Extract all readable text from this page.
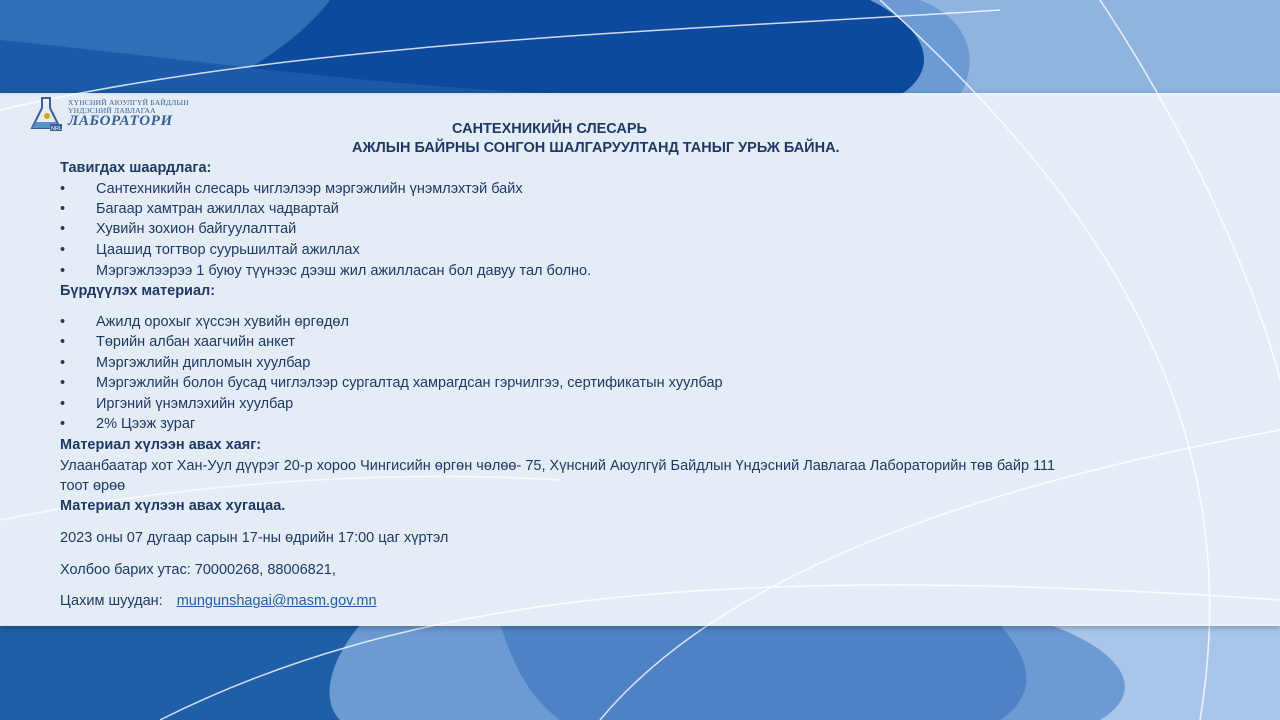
NRL
ХҮНСНИЙ АЮУЛГҮЙ БАЙДЛЫН
ҮНДЭСНИЙ ЛАВЛАГАА
ЛАБОРАТОРИ	САНТЕХНИКИЙН СЛЕСАРЬ
АЖЛЫН БАЙРНЫ СОНГОН ШАЛГАРУУЛТАНД ТАНЫГ УРЬЖ БАЙНА.
Тавигдах шаардлага:
• Сантехникийн слесарь чиглэлээр мэргэжлийн үнэмлэхтэй байх
• Багаар хамтран ажиллах чадвартай
• Хувийн зохион байгуулалттай
• Цаашид тогтвор суурьшилтай ажиллах
• Мэргэжлээрээ 1 буюу түүнээс дээш жил ажилласан бол давуу тал болно.
Бүрдүүлэх материал:
• Ажилд орохыг хүссэн хувийн өргөдөл
• Төрийн албан хаагчийн анкет
• Мэргэжлийн дипломын хуулбар
• Мэргэжлийн болон бусад чиглэлээр сургалтад хамрагдсан гэрчилгээ, сертификатын хуулбар
• Иргэний үнэмлэхийн хуулбар
• 2% Цээж зураг
Материал хүлээн авах хаяг:
Улаанбаатар хот Хан-Уул дүүрэг 20-р хороо Чингисийн өргөн чөлөө- 75, Хүнсний Аюулгүй Байдлын Үндэсний Лавлагаа Лабораторийн төв байр 111
тоот өрөө
Материал хүлээн авах хугацаа.
2023 оны 07 дугаар сарын 17-ны өдрийн 17:00 цаг хүртэл
Холбоо барих утас: 70000268, 88006821,
Цахим шуудан: mungunshagai@masm.gov.mn
